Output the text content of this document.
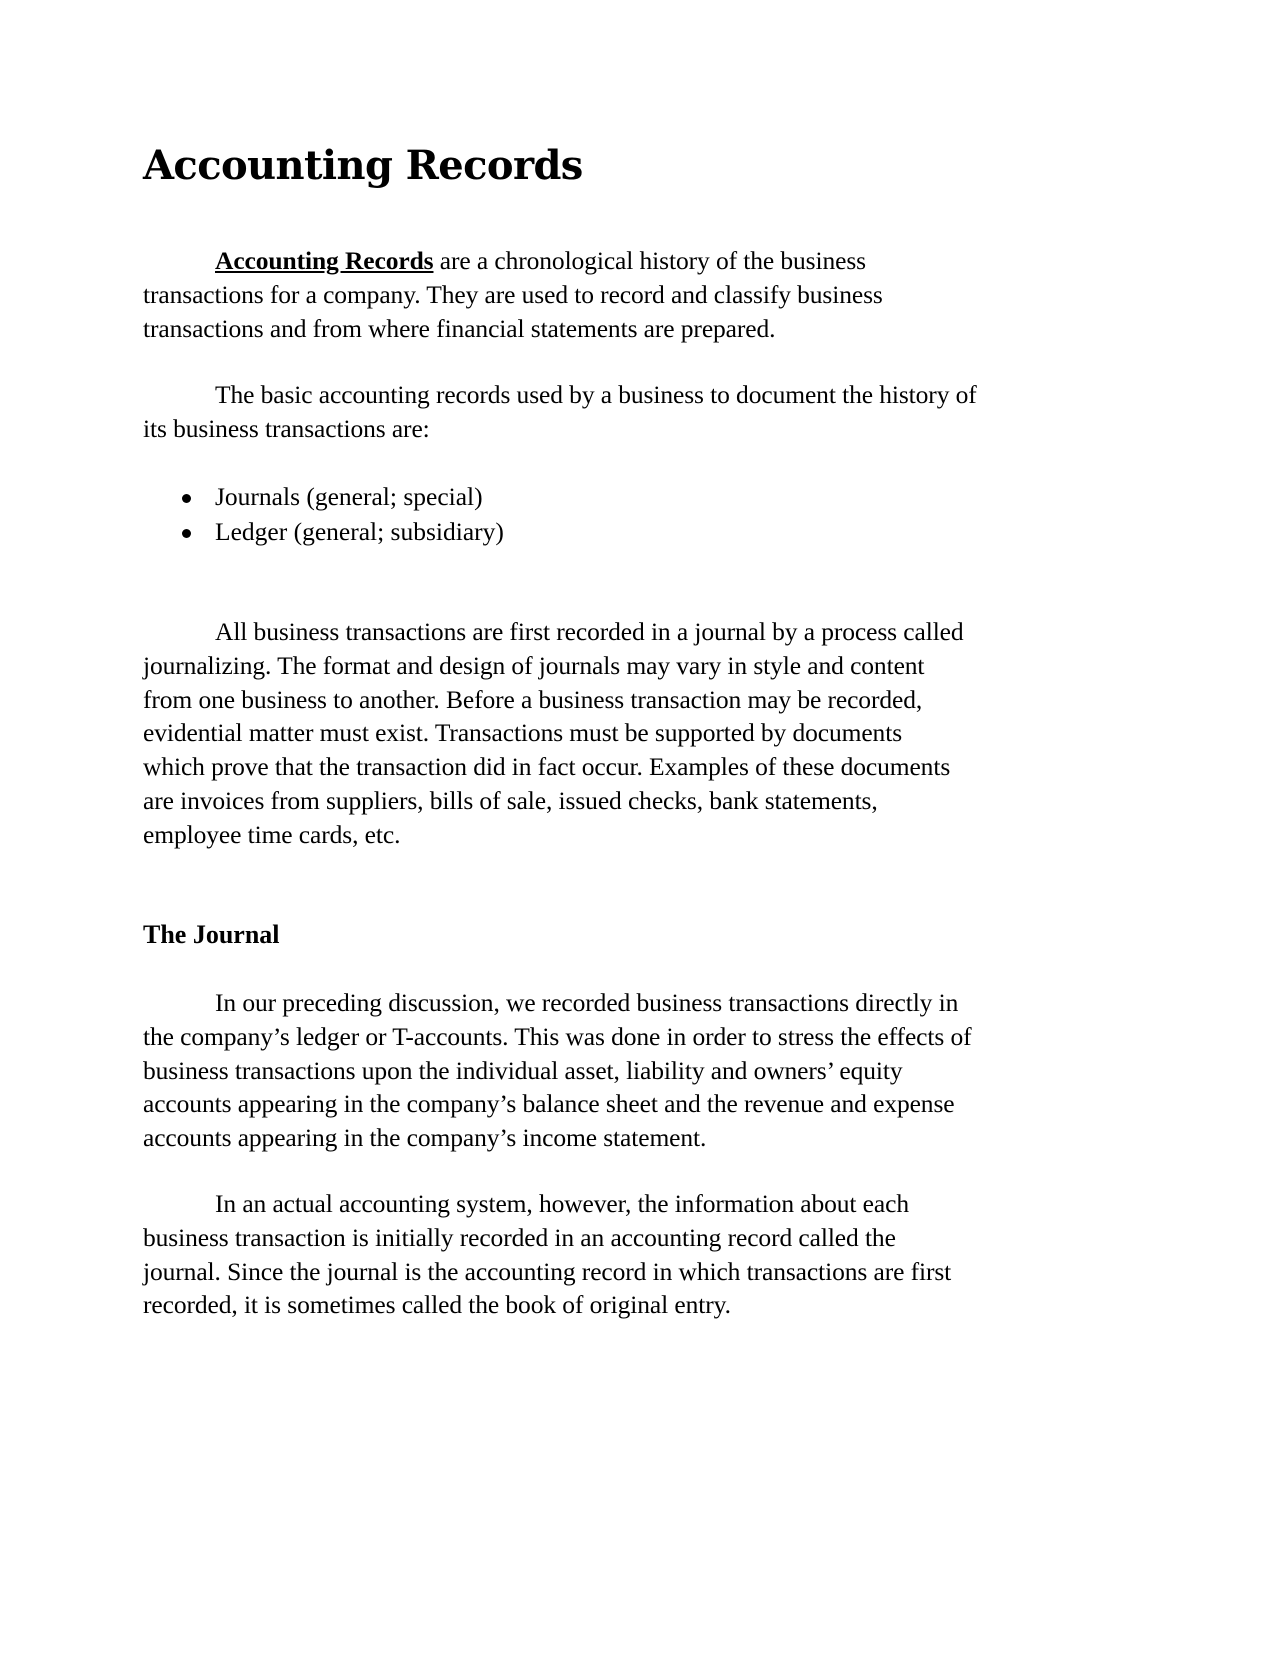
Accounting Records

Accounting Records are a chronological history of the business
transactions for a company. They are used to record and classify business
transactions and from where financial statements are prepared.

The basic accounting records used by a business to document the history of
its business transactions are:

Journals (general; special)
Ledger (general; subsidiary)

All business transactions are first recorded in a journal by a process called
journalizing. The format and design of journals may vary in style and content
from one business to another. Before a business transaction may be recorded,
evidential matter must exist. Transactions must be supported by documents
which prove that the transaction did in fact occur. Examples of these documents
are invoices from suppliers, bills of sale, issued checks, bank statements,
employee time cards, etc.

The Journal

In our preceding discussion, we recorded business transactions directly in
the company’s ledger or T-accounts. This was done in order to stress the effects of
business transactions upon the individual asset, liability and owners’ equity
accounts appearing in the company’s balance sheet and the revenue and expense
accounts appearing in the company’s income statement.

In an actual accounting system, however, the information about each
business transaction is initially recorded in an accounting record called the
journal. Since the journal is the accounting record in which transactions are first
recorded, it is sometimes called the book of original entry.
